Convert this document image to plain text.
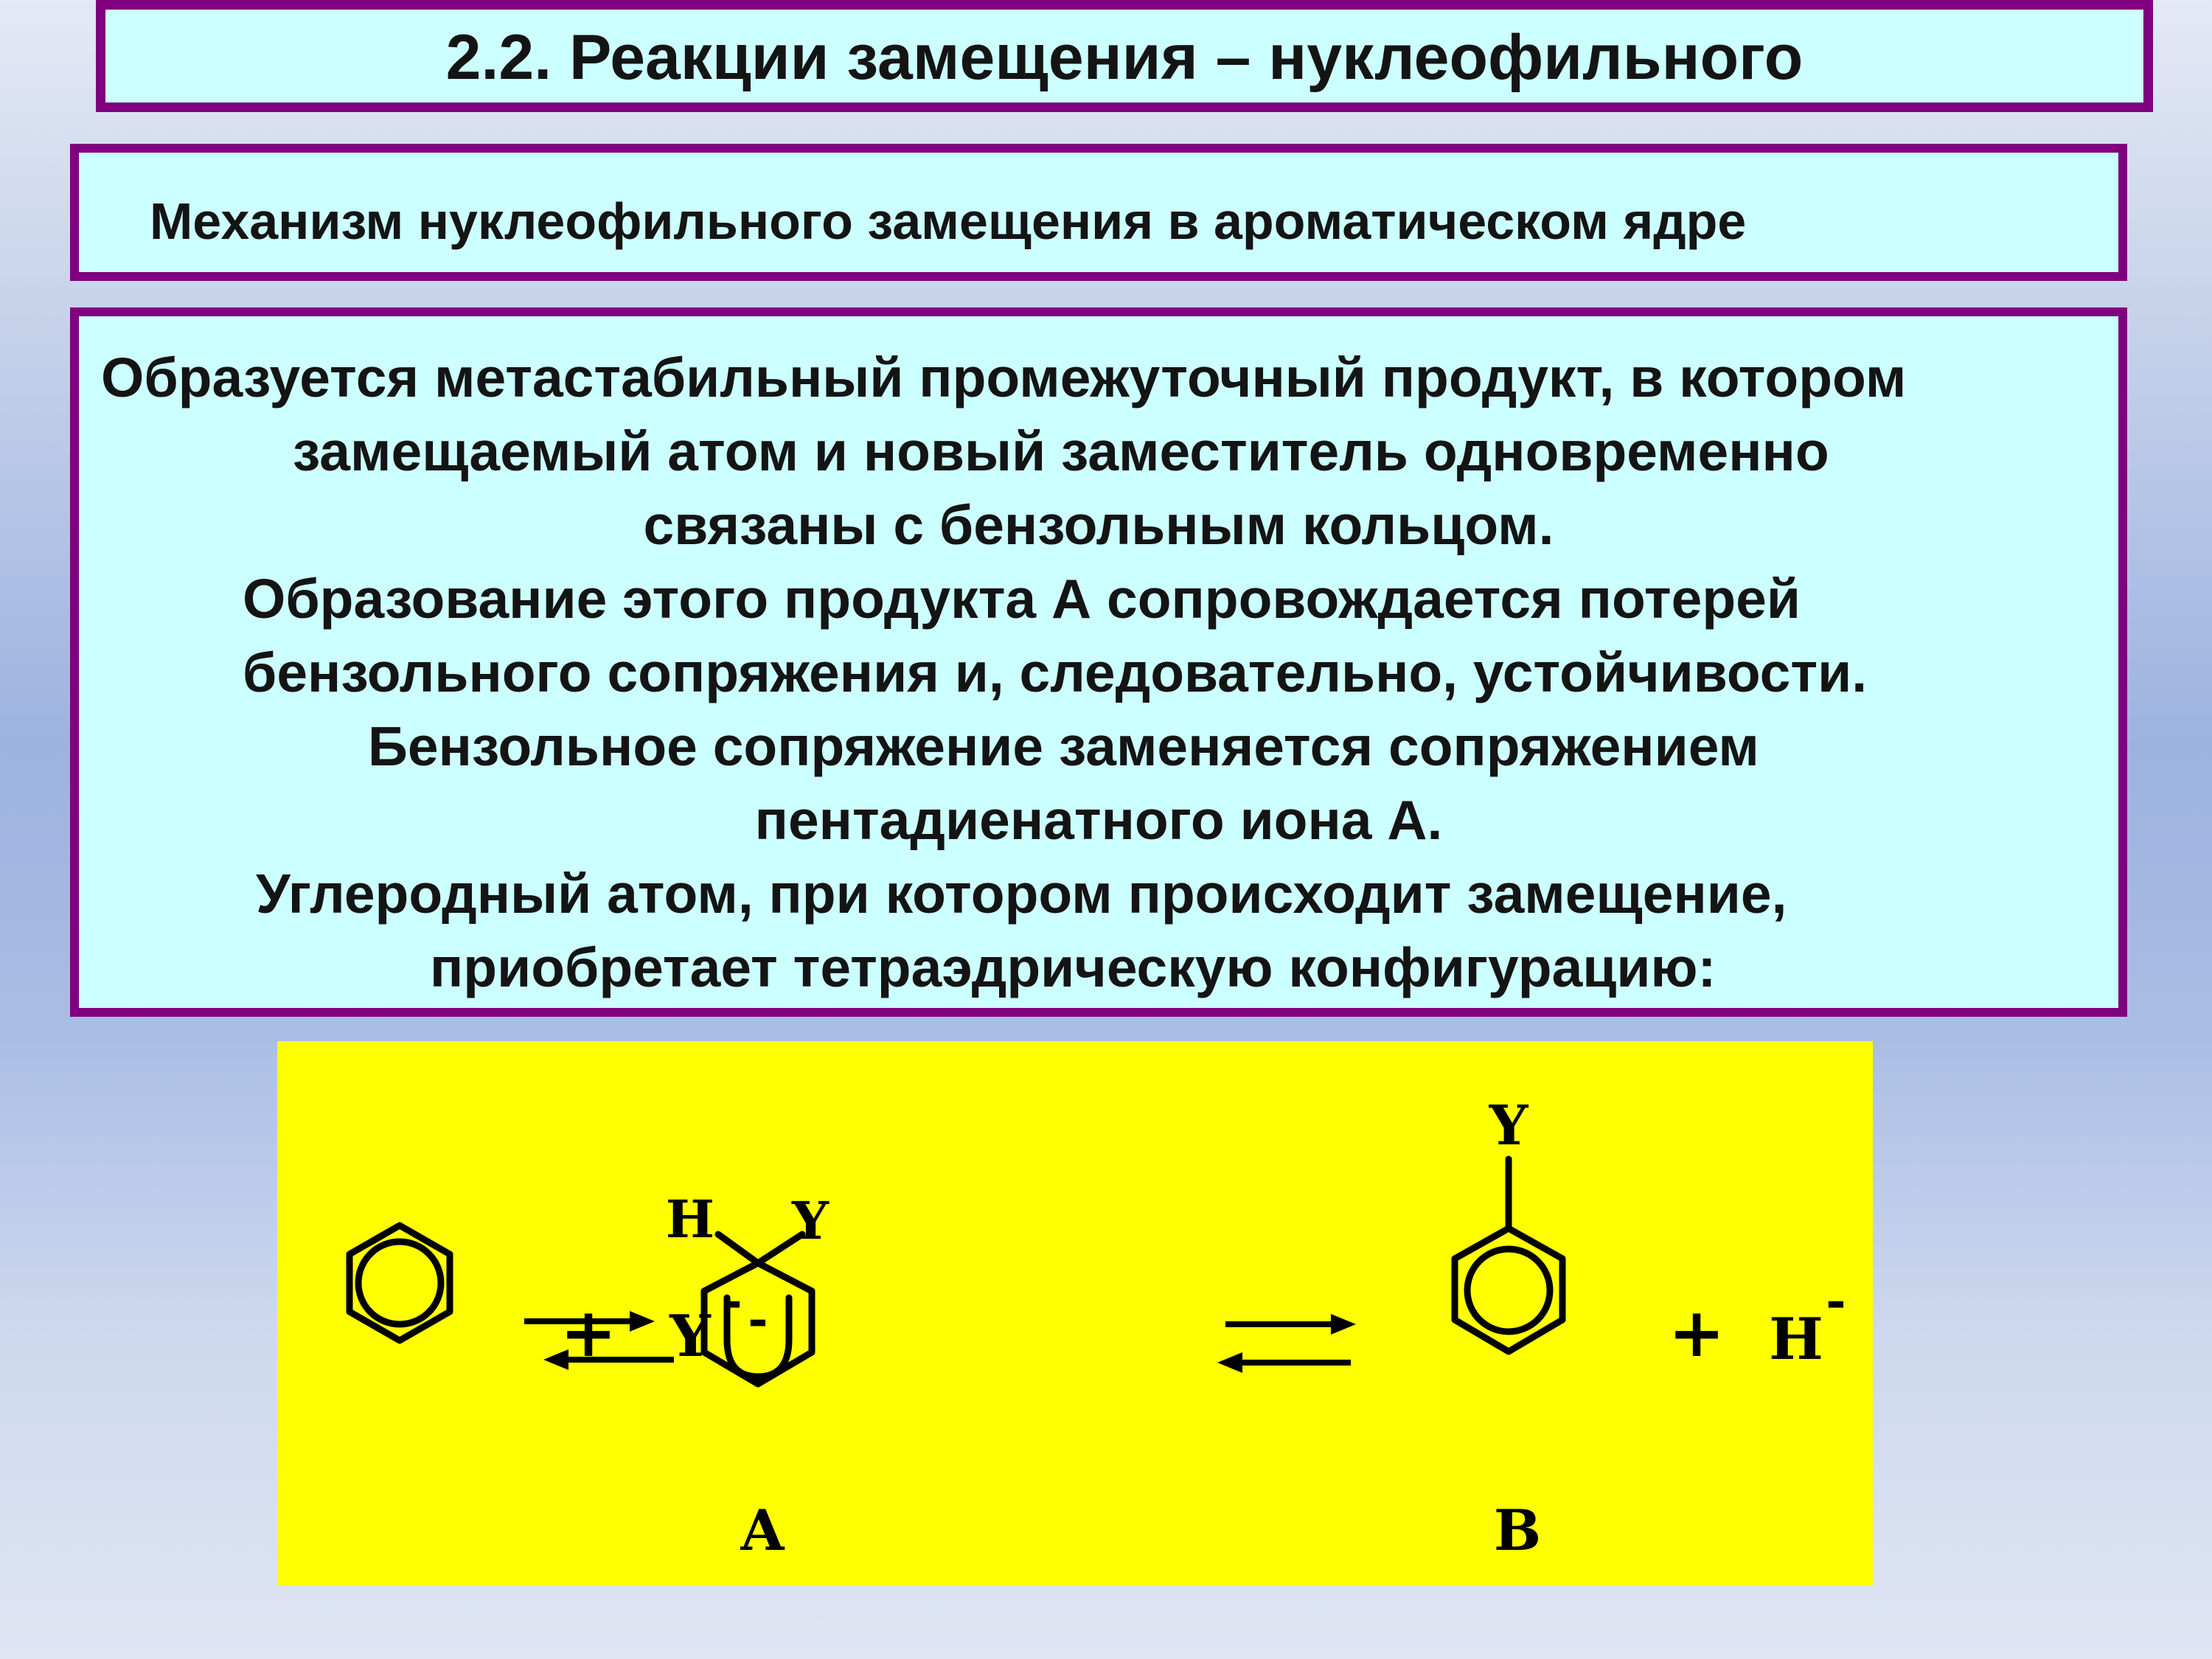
2.2. Реакции замещения – нуклеофильного
Механизм нуклеофильного замещения в ароматическом ядре
Образуется метастабильный промежуточный продукт, в котором
замещаемый атом и новый заместитель одновременно
связаны с бензольным кольцом.
Образование этого продукта А сопровождается потерей
бензольного сопряжения и, следовательно, устойчивости.
Бензольное сопряжение заменяется сопряжением
пентадиенатного иона А.
Углеродный атом, при котором происходит замещение,
приобретает тетраэдрическую конфигурацию:
+ Y
-
H Y
-
A
Y
B
+ H
-
